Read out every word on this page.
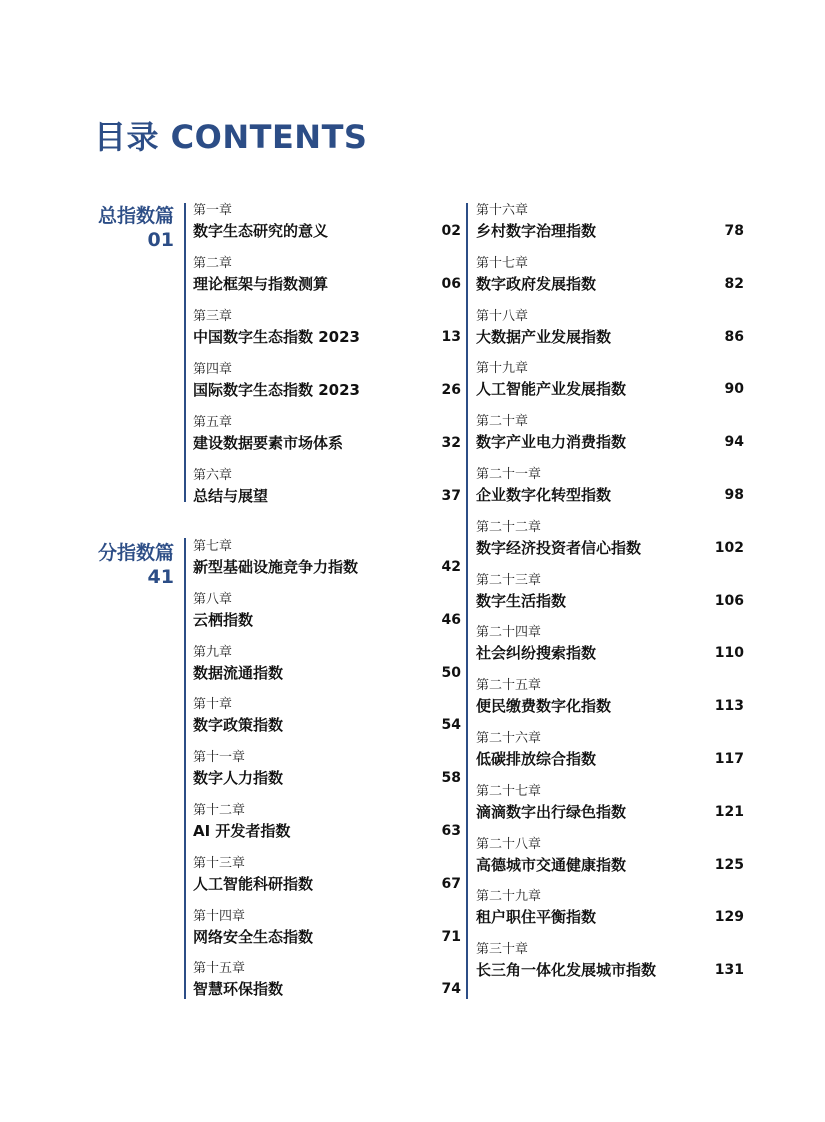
目录 CONTENTS
总指数篇
01
分指数篇
41
第一章
数字生态研究的意义	02
第二章
理论框架与指数测算	06
第三章
中国数字生态指数 2023	13
第四章
国际数字生态指数 2023	26
第五章
建设数据要素市场体系	32
第六章
总结与展望	37
第七章
新型基础设施竞争力指数	42
第八章
云栖指数	46
第九章
数据流通指数	50
第十章
数字政策指数	54
第十一章
数字人力指数	58
第十二章
AI 开发者指数	63
第十三章
人工智能科研指数	67
第十四章
网络安全生态指数	71
第十五章
智慧环保指数	74
第十六章
乡村数字治理指数	78
第十七章
数字政府发展指数	82
第十八章
大数据产业发展指数	86
第十九章
人工智能产业发展指数	90
第二十章
数字产业电力消费指数	94
第二十一章
企业数字化转型指数	98
第二十二章
数字经济投资者信心指数	102
第二十三章
数字生活指数	106
第二十四章
社会纠纷搜索指数	110
第二十五章
便民缴费数字化指数	113
第二十六章
低碳排放综合指数	117
第二十七章
滴滴数字出行绿色指数	121
第二十八章
高德城市交通健康指数	125
第二十九章
租户职住平衡指数	129
第三十章
长三角一体化发展城市指数	131
